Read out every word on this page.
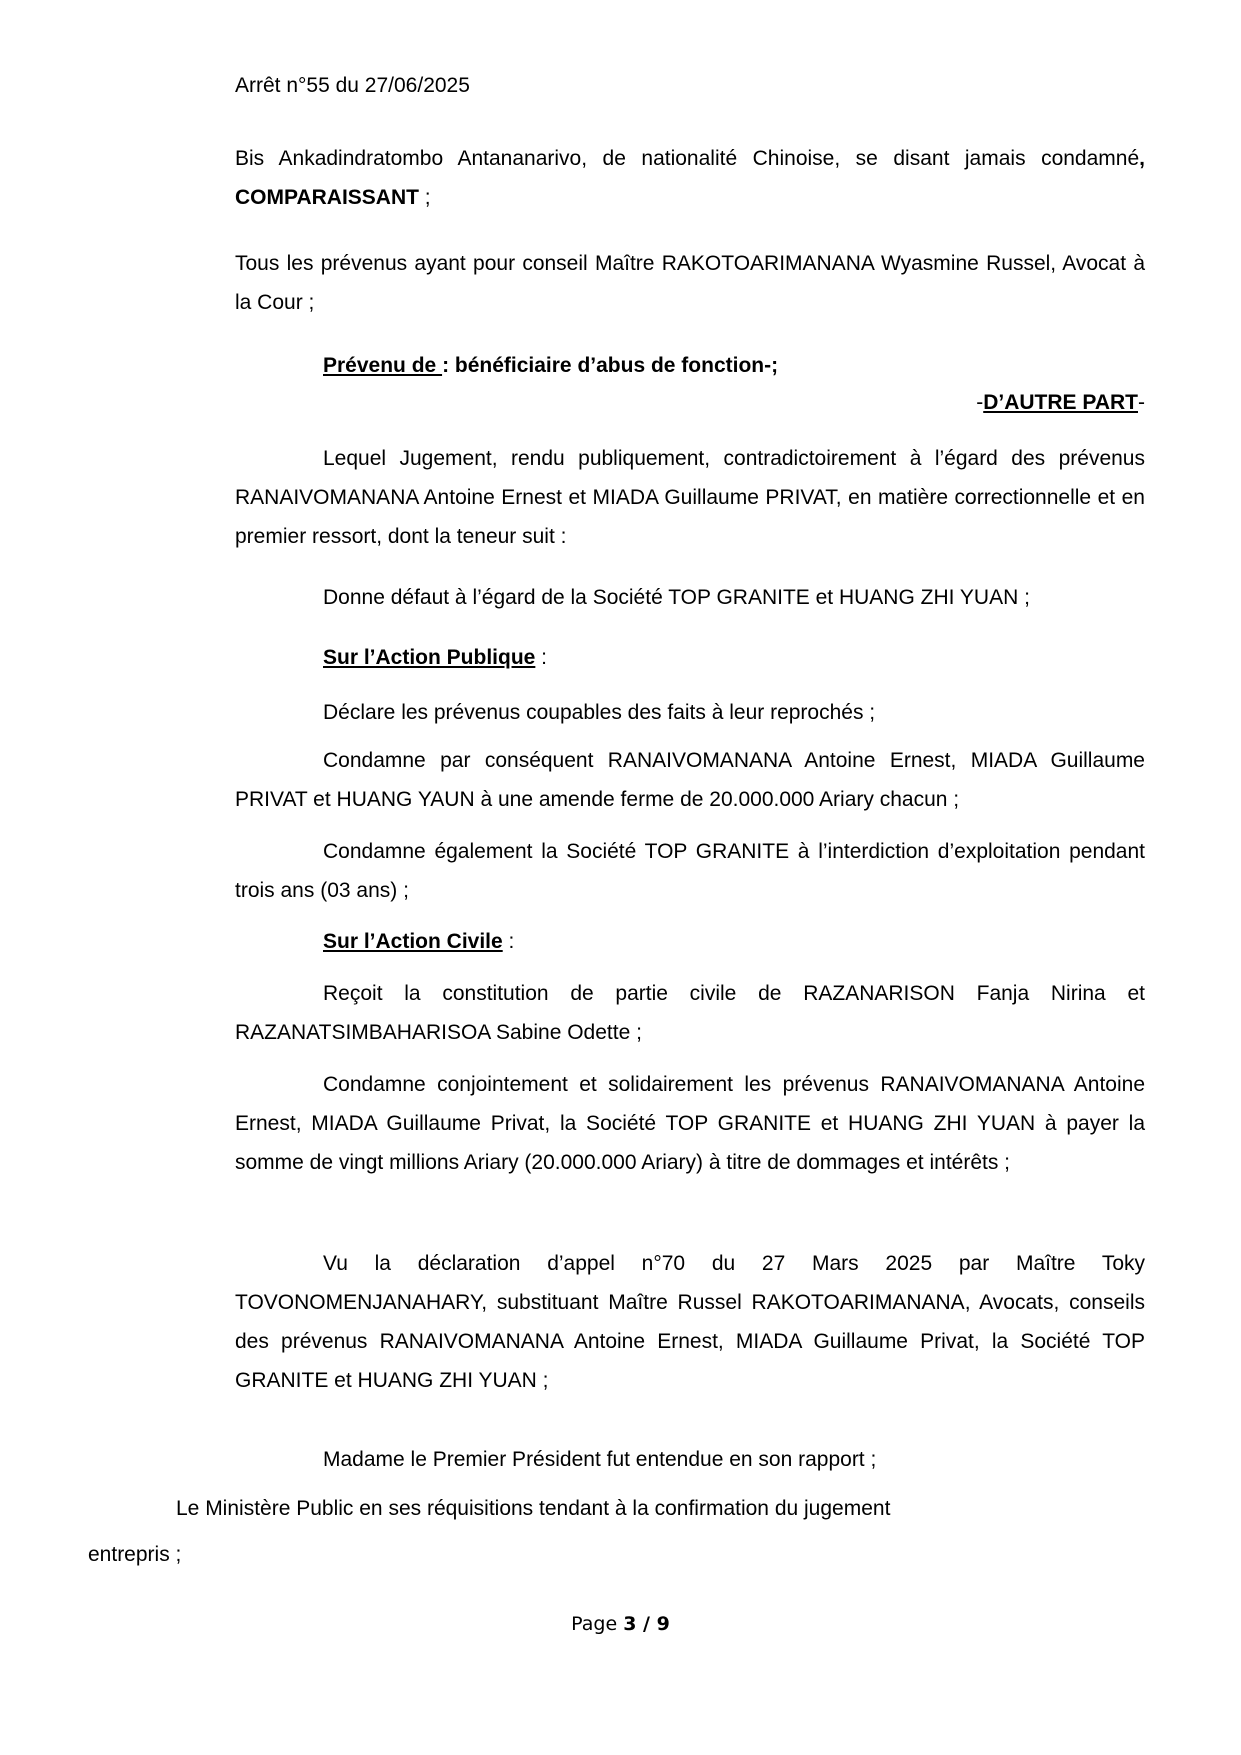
Arrêt n°55 du 27/06/2025

Bis Ankadindratombo Antananarivo, de nationalité Chinoise, se disant jamais condamné, COMPARAISSANT ;

Tous les prévenus ayant pour conseil Maître RAKOTOARIMANANA Wyasmine Russel, Avocat à la Cour ;

Prévenu de : bénéficiaire d’abus de fonction-;

-D’AUTRE PART-

Lequel Jugement, rendu publiquement, contradictoirement à l’égard des prévenus RANAIVOMANANA Antoine Ernest et MIADA Guillaume PRIVAT, en matière correctionnelle et en premier ressort, dont la teneur suit :

Donne défaut à l’égard de la Société TOP GRANITE et HUANG ZHI YUAN ;

Sur l’Action Publique :

Déclare les prévenus coupables des faits à leur reprochés ;

Condamne par conséquent RANAIVOMANANA Antoine Ernest, MIADA Guillaume PRIVAT et HUANG YAUN à une amende ferme de 20.000.000 Ariary chacun ;

Condamne également la Société TOP GRANITE à l’interdiction d’exploitation pendant trois ans (03 ans) ;

Sur l’Action Civile :

Reçoit la constitution de partie civile de RAZANARISON Fanja Nirina et RAZANATSIMBAHARISOA Sabine Odette ;

Condamne conjointement et solidairement les prévenus RANAIVOMANANA Antoine Ernest, MIADA Guillaume Privat, la Société TOP GRANITE et HUANG ZHI YUAN à payer la somme de vingt millions Ariary (20.000.000 Ariary) à titre de dommages et intérêts ;

Vu la déclaration d’appel n°70 du 27 Mars 2025 par Maître Toky TOVONOMENJANAHARY, substituant Maître Russel RAKOTOARIMANANA, Avocats, conseils des prévenus RANAIVOMANANA Antoine Ernest, MIADA Guillaume Privat, la Société TOP GRANITE et HUANG ZHI YUAN ;

Madame le Premier Président fut entendue en son rapport ;

Le Ministère Public en ses réquisitions tendant à la confirmation du jugement

entrepris ;

Page 3 / 9
